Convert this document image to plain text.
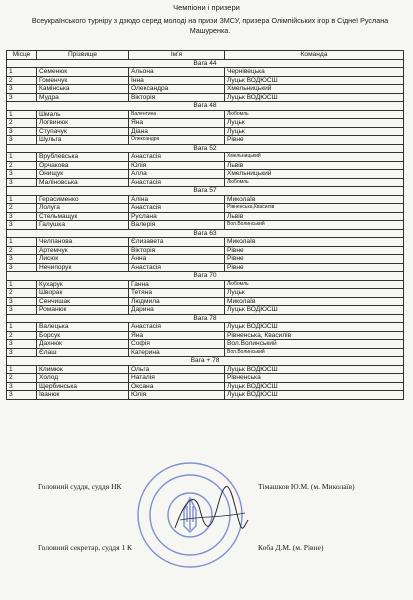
Чемпіони і призери
Всеукраїнського турніру з дзюдо серед молоді на призи ЗМСУ, призера Олімпійських ігор в Сіднеї Руслана Машуренка.
Місце	Прізвище	Ім'я	Команда
Вага 44			
1	Семенюк	Альона	Чернівецька
2	Гоменчук	Інна	Луцьк ВОДЮСШ
3	Камінська	Олександра	Хмельницький
3	Мудра	Вікторія	Луцьк ВОДЮСШ
Вага 48			
1	Шмаль	Валентина	Любомль
2	Логвинюк	Яна	Луцьк
3	Ступачук	Діана	Луцьк
3	Шульга	Олександра	Рівне
Вага 52			
1	Врублевська	Анастасія	Хмельницький
2	Орчакова	Юлія	Львів
3	Онищук	Алла	Хмельницький
3	Маліновська	Анастасія	Любомль
Вага 57			
1	Герасименко	Аліна	Миколаїв
2	Лолуга	Анастасія	Рівненська,Квасилів
3	Стельмащук	Руслана	Львів
3	Галушка	Валерія	Вол.Волинський
Вага 63			
1	Челпанова	Єлизавета	Миколаїв
2	Артемчук	Вікторія	Рівне
3	Лисюк	Анна	Рівне
3	Нечипорук	Анастасія	Рівне
Вага 70			
1	Кухарук	Ганна	Любомль
2	Шворак	Тетяна	Луцьк
3	Сенчишак	Людмила	Миколаїв
3	Романюк	Дарина	Луцьк ВОДЮСШ
Вага 78			
1	Валецька	Анастасія	Луцьк ВОДЮСШ
2	Борсук	Яна	Рівненська, Квасилів
3	Дахнюк	Софія	Вол.Волинський
3	Єлаш	Катерина	Вол.Волинський
Вага + 78			
1	Климюк	Ольга	Луцьк ВОДЮСШ
2	Холод	Наталія	Рівненська
3	Щербинська	Оксана	Луцьк ВОДЮСШ
3	Іванюк	Юлія	Луцьк ВОДЮСШ
Головний суддя, суддя НК	Тімашков Ю.М. (м. Миколаїв)
Головний секретар, суддя 1 К	Коба Д.М. (м. Рівне)
